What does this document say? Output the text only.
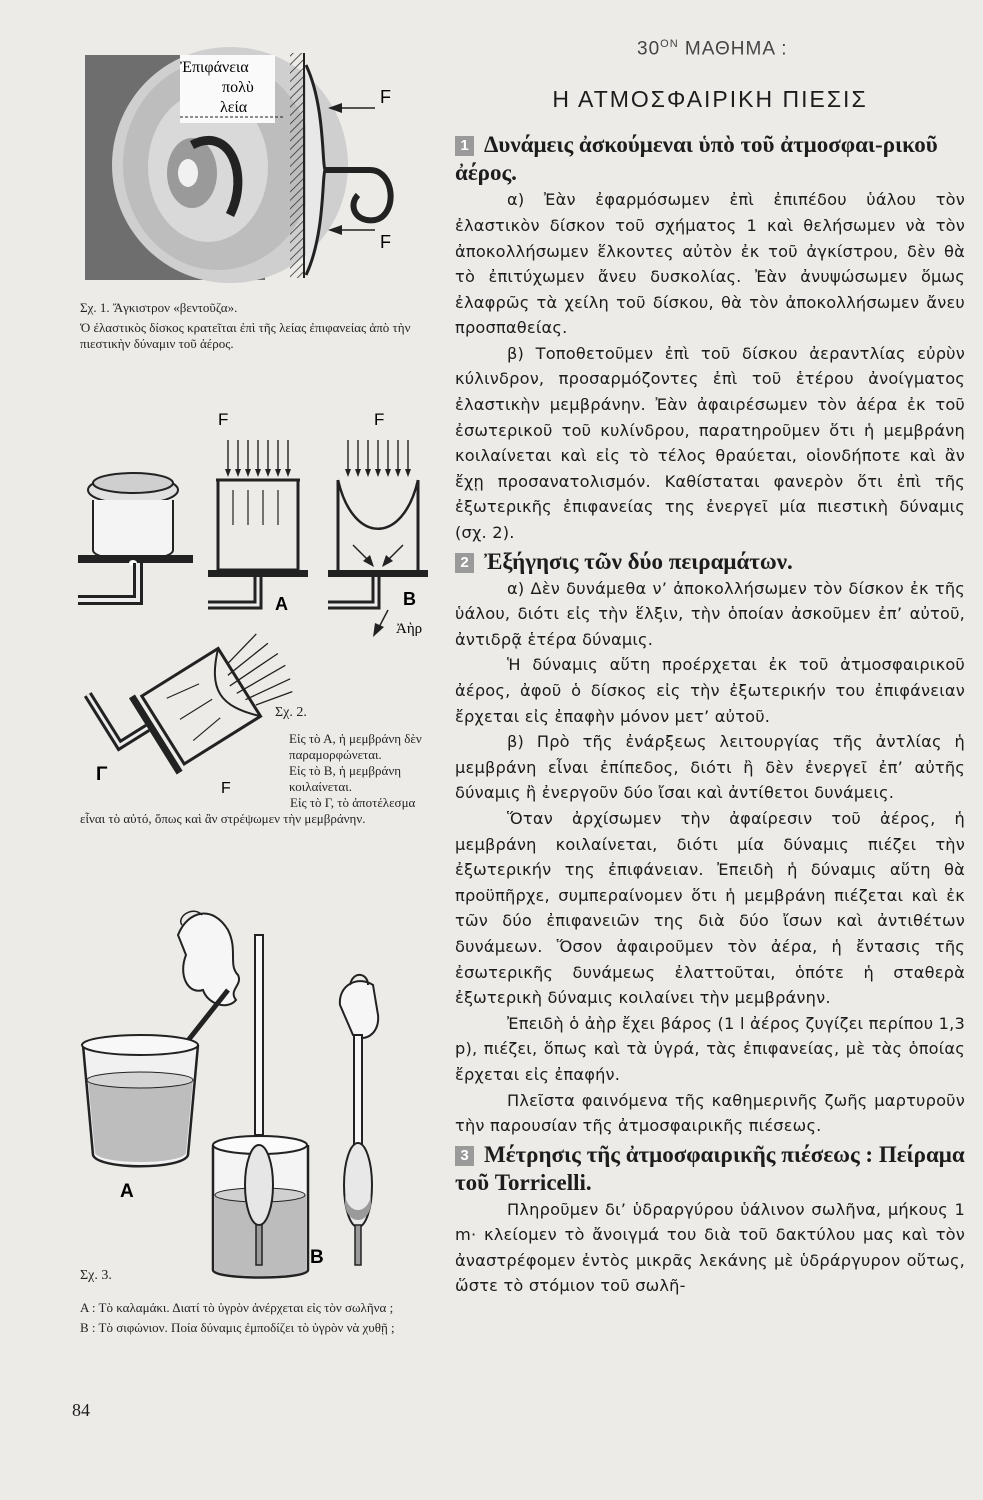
Ἐπιφάνεια
πολὺ
λεία
F
F

Σχ. 1. Ἄγκιστρον «βεντοῦζα».

Ὁ ἐλαστικὸς δίσκος κρατεῖται ἐπὶ τῆς λείας ἐπιφανείας ἀπὸ τὴν πιεστικὴν δύναμιν τοῦ ἀέρος.

F
A
F
B
Ἀὴρ
Γ
F

Σχ. 2.

Εἰς τὸ Α, ἡ μεμβράνη δὲν παραμορφώνεται.

Εἰς τὸ Β, ἡ μεμβράνη κοιλαίνεται.

Εἰς τὸ Γ, τὸ ἀποτέλεσμα εἶναι τὸ αὐτό, ὅπως καὶ ἂν στρέψωμεν τὴν μεμβράνην.

A
B

Σχ. 3.

Α : Τὸ καλαμάκι. Διατί τὸ ὑγρὸν ἀνέρχεται εἰς τὸν σωλῆνα ;

Β : Τὸ σιφώνιον. Ποία δύναμις ἐμποδίζει τὸ ὑγρὸν νὰ χυθῇ ;

$30^{ON}$ ΜΑΘΗΜΑ :
Η ΑΤΜΟΣΦΑΙΡΙΚΗ ΠΙΕΣΙΣ
1 Δυνάμεις ἀσκούμεναι ὑπὸ τοῦ ἀτμοσφαι-ρικοῦ ἀέρος.

α) Ἐὰν ἐφαρμόσωμεν ἐπὶ ἐπιπέδου ὑάλου τὸν ἐλαστικὸν δίσκον τοῦ σχήματος 1 καὶ θελήσωμεν νὰ τὸν ἀποκολλήσωμεν ἕλκοντες αὐτὸν ἐκ τοῦ ἀγκίστρου, δὲν θὰ τὸ ἐπιτύχωμεν ἄνευ δυσκολίας. Ἐὰν ἀνυψώσωμεν ὅμως ἐλαφρῶς τὰ χείλη τοῦ δίσκου, θὰ τὸν ἀποκολλήσωμεν ἄνευ προσπαθείας.

β) Τοποθετοῦμεν ἐπὶ τοῦ δίσκου ἀεραντλίας εὐρὺν κύλινδρον, προσαρμόζοντες ἐπὶ τοῦ ἑτέρου ἀνοίγματος ἐλαστικὴν μεμβράνην. Ἐὰν ἀφαιρέσωμεν τὸν ἀέρα ἐκ τοῦ ἐσωτερικοῦ τοῦ κυλίνδρου, παρατηροῦμεν ὅτι ἡ μεμβράνη κοιλαίνεται καὶ εἰς τὸ τέλος θραύεται, οἱονδήποτε καὶ ἂν ἔχῃ προσανατολισμόν. Καθίσταται φανερὸν ὅτι ἐπὶ τῆς ἐξωτερικῆς ἐπιφανείας της ἐνεργεῖ μία πιεστικὴ δύναμις (σχ. 2).

2 Ἐξήγησις τῶν δύο πειραμάτων.

α) Δὲν δυνάμεθα ν’ ἀποκολλήσωμεν τὸν δίσκον ἐκ τῆς ὑάλου, διότι εἰς τὴν ἕλξιν, τὴν ὁποίαν ἀσκοῦμεν ἐπ’ αὐτοῦ, ἀντιδρᾷ ἑτέρα δύναμις.

Ἡ δύναμις αὕτη προέρχεται ἐκ τοῦ ἀτμοσφαιρικοῦ ἀέρος, ἀφοῦ ὁ δίσκος εἰς τὴν ἐξωτερικήν του ἐπιφάνειαν ἔρχεται εἰς ἐπαφὴν μόνον μετ’ αὐτοῦ.

β) Πρὸ τῆς ἐνάρξεως λειτουργίας τῆς ἀντλίας ἡ μεμβράνη εἶναι ἐπίπεδος, διότι ἢ δὲν ἐνεργεῖ ἐπ’ αὐτῆς δύναμις ἢ ἐνεργοῦν δύο ἴσαι καὶ ἀντίθετοι δυνάμεις.

Ὅταν ἀρχίσωμεν τὴν ἀφαίρεσιν τοῦ ἀέρος, ἡ μεμβράνη κοιλαίνεται, διότι μία δύναμις πιέζει τὴν ἐξωτερικήν της ἐπιφάνειαν. Ἐπειδὴ ἡ δύναμις αὕτη θὰ προϋπῆρχε, συμπεραίνομεν ὅτι ἡ μεμβράνη πιέζεται καὶ ἐκ τῶν δύο ἐπιφανειῶν της διὰ δύο ἴσων καὶ ἀντιθέτων δυνάμεων. Ὅσον ἀφαιροῦμεν τὸν ἀέρα, ἡ ἔντασις τῆς ἐσωτερικῆς δυνάμεως ἐλαττοῦται, ὁπότε ἡ σταθερὰ ἐξωτερικὴ δύναμις κοιλαίνει τὴν μεμβράνην.

Ἐπειδὴ ὁ ἀὴρ ἔχει βάρος (1 l ἀέρος ζυγίζει περίπου 1,3 p), πιέζει, ὅπως καὶ τὰ ὑγρά, τὰς ἐπιφανείας, μὲ τὰς ὁποίας ἔρχεται εἰς ἐπαφήν.

Πλεῖστα φαινόμενα τῆς καθημερινῆς ζωῆς μαρτυροῦν τὴν παρουσίαν τῆς ἀτμοσφαιρικῆς πιέσεως.

3 Μέτρησις τῆς ἀτμοσφαιρικῆς πιέσεως : Πείραμα τοῦ Torricelli.

Πληροῦμεν δι’ ὑδραργύρου ὑάλινον σωλῆνα, μήκους 1 m· κλείομεν τὸ ἄνοιγμά του διὰ τοῦ δακτύλου μας καὶ τὸν ἀναστρέφομεν ἐντὸς μικρᾶς λεκάνης μὲ ὑδράργυρον οὕτως, ὥστε τὸ στόμιον τοῦ σωλῆ-

84
